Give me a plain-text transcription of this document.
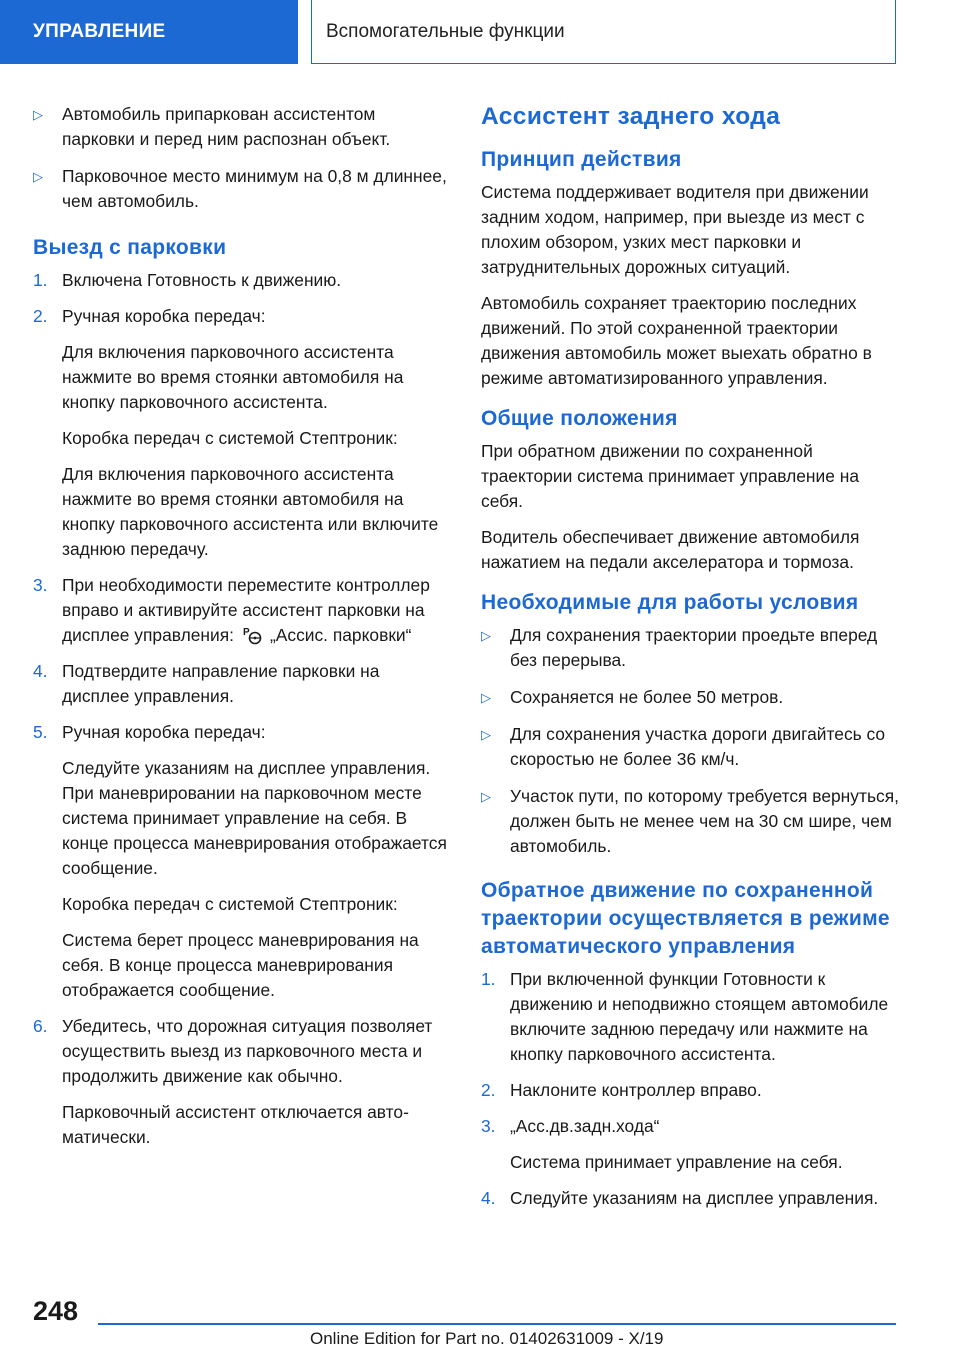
УПРАВЛЕНИЕ	Вспомогательные функции
▷ Автомобиль припаркован ассистентом парковки и перед ним распознан объект.
▷ Парковочное место минимум на 0,8 м длиннее, чем автомобиль.
Выезд с парковки
1. Включена Готовность к движению.
2. Ручная коробка передач:
Для включения парковочного ассистента нажмите во время стоянки автомобиля на кнопку парковочного ассистента.
Коробка передач с системой Стептроник:
Для включения парковочного ассистента нажмите во время стоянки автомобиля на кнопку парковочного ассистента или включите заднюю передачу.
3. При необходимости переместите контроллер вправо и активируйте ассистент парковки на дисплее управления: P „Ассис. парковки“
4. Подтвердите направление парковки на дисплее управления.
5. Ручная коробка передач:
Следуйте указаниям на дисплее управления. При маневрировании на парковочном месте система принимает управление на себя. В конце процесса маневрирования отображается сообщение.
Коробка передач с системой Стептроник:
Система берет процесс маневрирования на себя. В конце процесса маневрирования отображается сообщение.
6. Убедитесь, что дорожная ситуация позволяет осуществить выезд из парковочного места и продолжить движение как обычно.
Парковочный ассистент отключается автоматически.
Ассистент заднего хода
Принцип действия
Система поддерживает водителя при движении задним ходом, например, при выезде из мест с плохим обзором, узких мест парковки и затруднительных дорожных ситуаций.
Автомобиль сохраняет траекторию последних движений. По этой сохраненной траектории движения автомобиль может выехать обратно в режиме автоматизированного управления.
Общие положения
При обратном движении по сохраненной траектории система принимает управление на себя.
Водитель обеспечивает движение автомобиля нажатием на педали акселератора и тормоза.
Необходимые для работы условия
▷ Для сохранения траектории проедьте вперед без перерыва.
▷ Сохраняется не более 50 метров.
▷ Для сохранения участка дороги двигайтесь со скоростью не более 36 км/ч.
▷ Участок пути, по которому требуется вернуться, должен быть не менее чем на 30 см шире, чем автомобиль.
Обратное движение по сохраненной траектории осуществляется в режиме автоматического управления
1. При включенной функции Готовности к движению и неподвижно стоящем автомобиле включите заднюю передачу или нажмите на кнопку парковочного ассистента.
2. Наклоните контроллер вправо.
3. „Асс.дв.задн.хода“
Система принимает управление на себя.
4. Следуйте указаниям на дисплее управления.
248
Online Edition for Part no. 01402631009 - X/19
